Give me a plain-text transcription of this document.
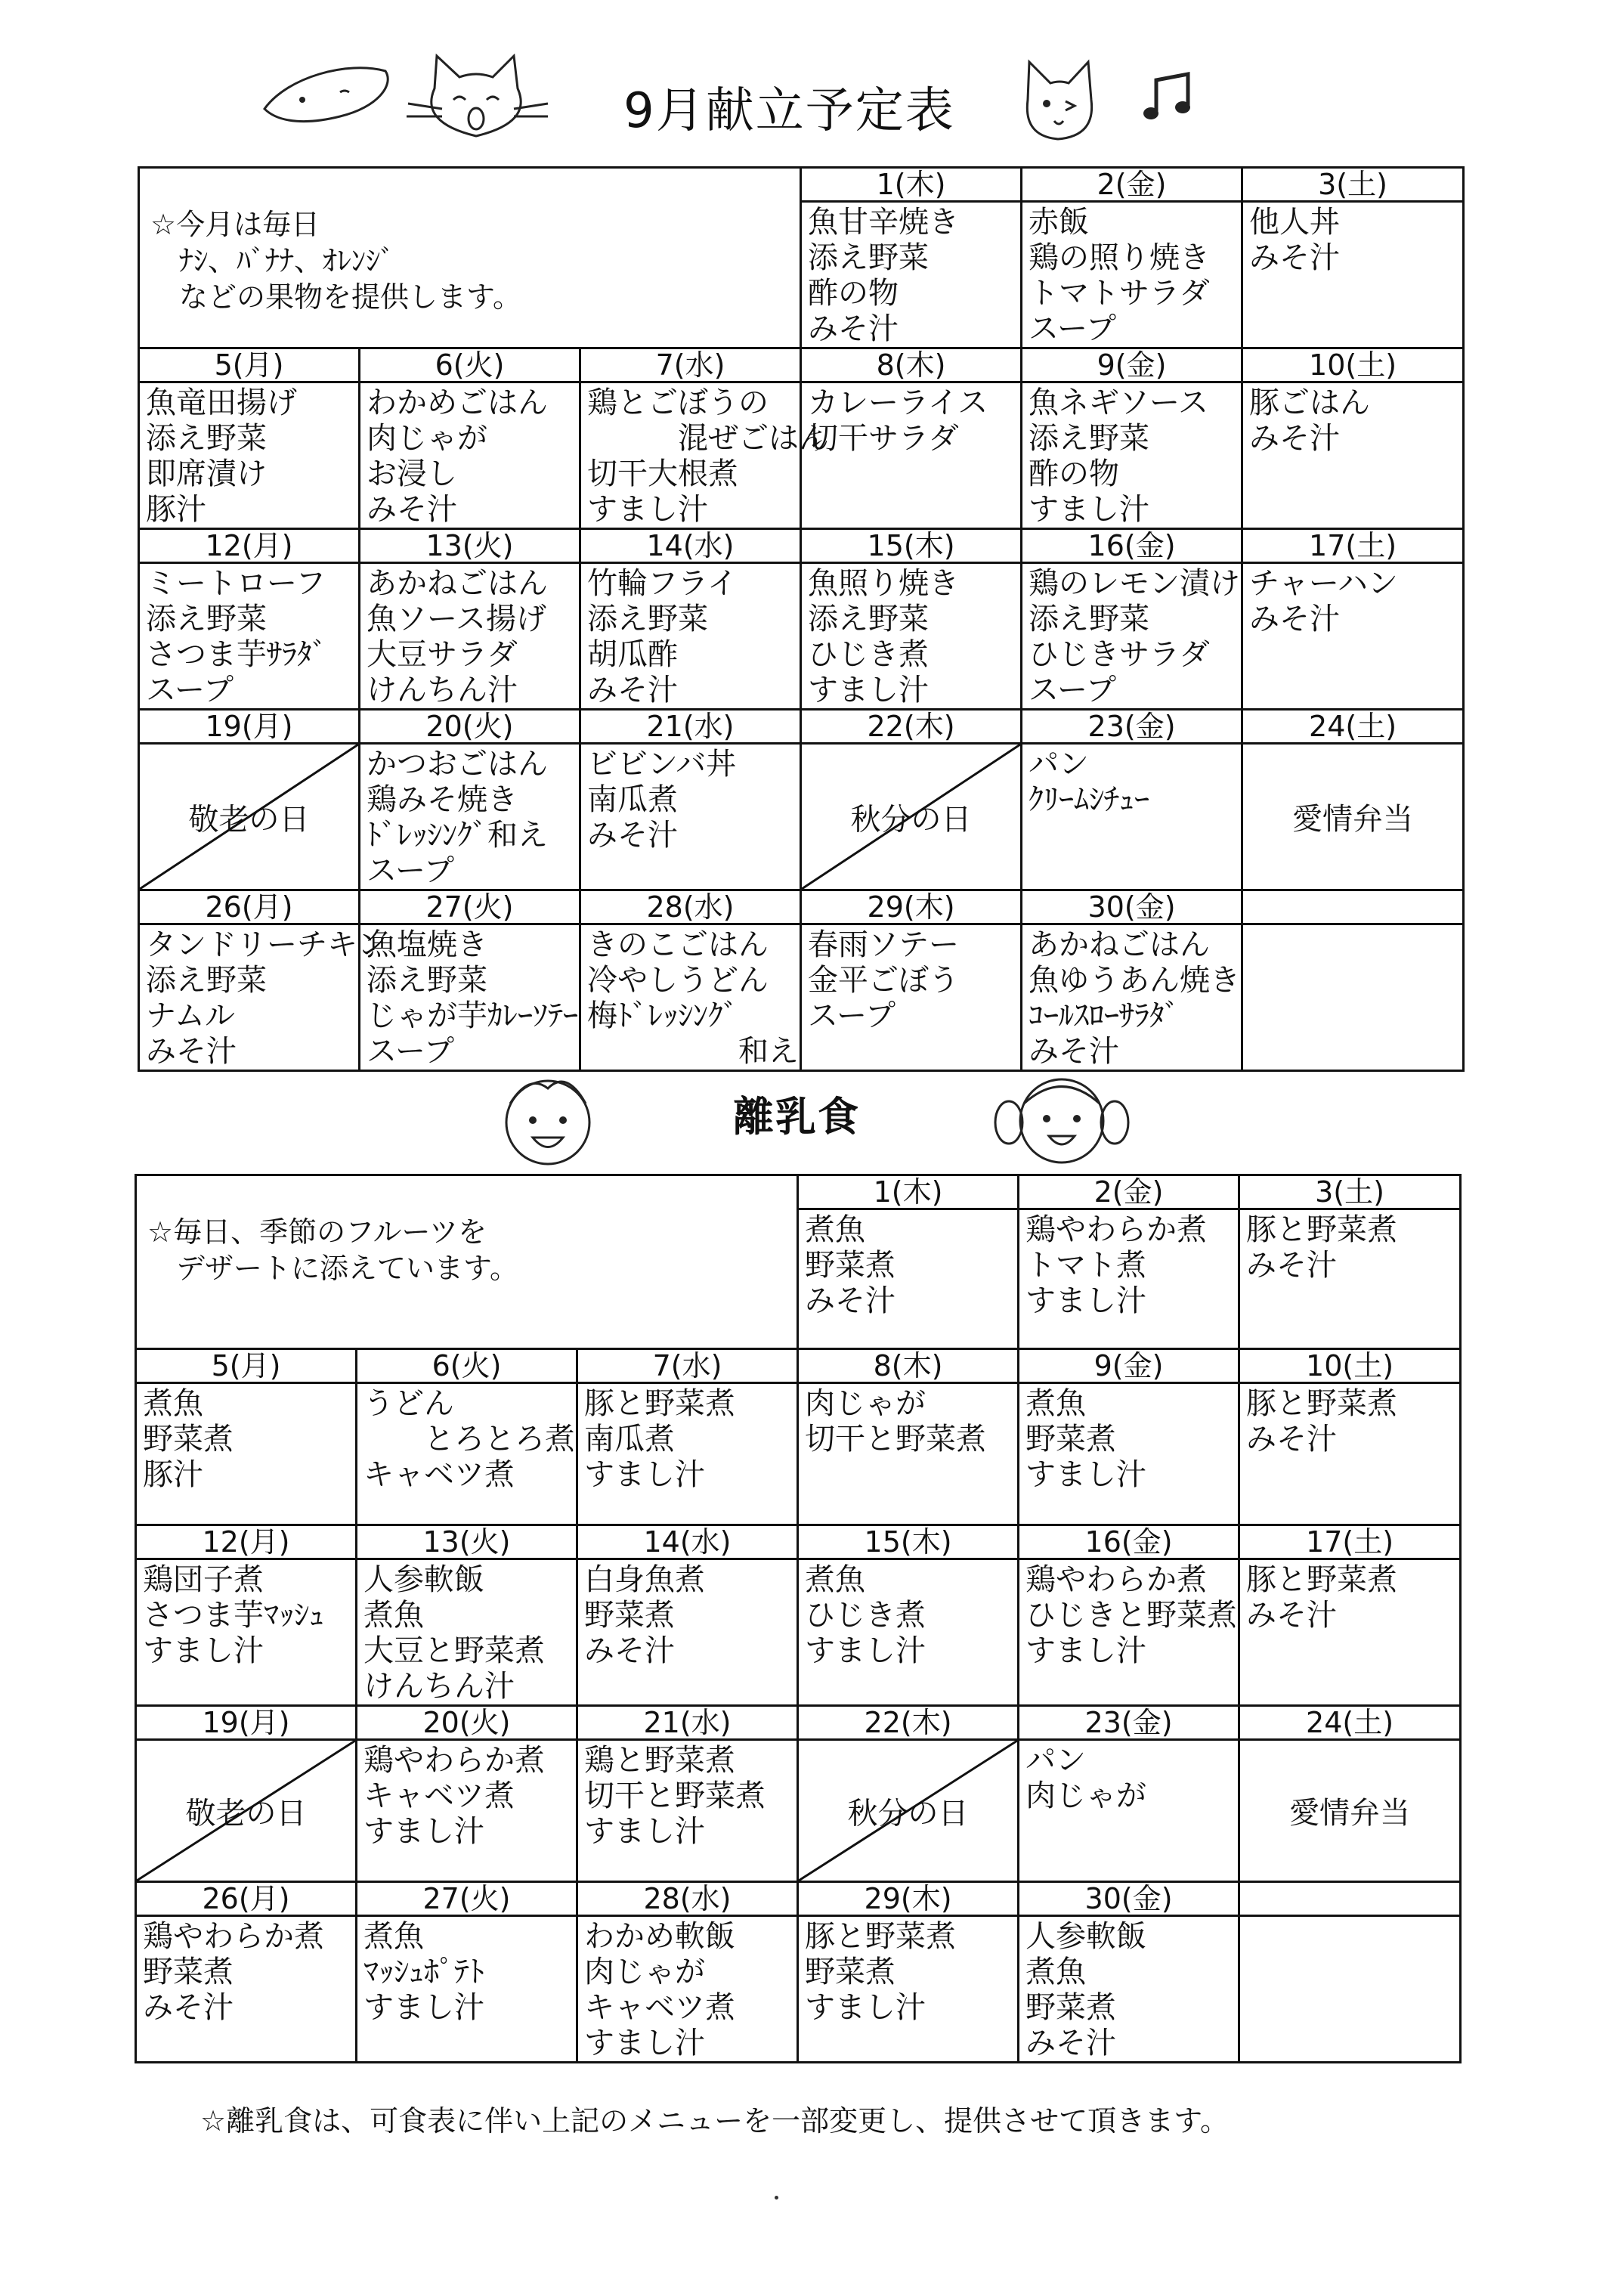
9月献立予定表
☆今月は毎日
　ﾅｼ、ﾊﾞﾅﾅ、ｵﾚﾝｼﾞ
　などの果物を提供します。			1(木)	2(金)	3(土)

			魚甘辛焼き
添え野菜
酢の物
みそ汁	赤飯
鶏の照り焼き
トマトサラダ
スープ	他人丼
みそ汁

5(月)	6(火)	7(水)	8(木)	9(金)	10(土)

魚竜田揚げ
添え野菜
即席漬け
豚汁	わかめごはん
肉じゃが
お浸し
みそ汁	鶏とごぼうの
　　　混ぜごはん
切干大根煮
すまし汁	カレーライス
切干サラダ	魚ネギソース
添え野菜
酢の物
すまし汁	豚ごはん
みそ汁

12(月)	13(火)	14(水)	15(木)	16(金)	17(土)

ミートローフ
添え野菜
さつま芋ｻﾗﾀﾞ
スープ	あかねごはん
魚ソース揚げ
大豆サラダ
けんちん汁	竹輪フライ
添え野菜
胡瓜酢
みそ汁	魚照り焼き
添え野菜
ひじき煮
すまし汁	鶏のレモン漬け
添え野菜
ひじきサラダ
スープ	チャーハン
みそ汁

19(月)	20(火)	21(水)	22(木)	23(金)	24(土)

敬老の日	かつおごはん
鶏みそ焼き
ﾄﾞﾚｯｼﾝｸﾞ和え
スープ	ビビンバ丼
南瓜煮
みそ汁	秋分の日	パン
ｸﾘｰﾑｼﾁｭｰ	愛情弁当

26(月)	27(火)	28(水)	29(木)	30(金)	

タンドリーチキン
添え野菜
ナムル
みそ汁	魚塩焼き
添え野菜
じゃが芋ｶﾚｰｿﾃｰ
スープ	きのこごはん
冷やしうどん
梅ﾄﾞﾚｯｼﾝｸﾞ
　　　　　和え	春雨ソテー
金平ごぼう
スープ	あかねごはん
魚ゆうあん焼き
ｺｰﾙｽﾛｰｻﾗﾀﾞ
みそ汁	

離乳食
☆毎日、季節のフルーツを
　デザートに添えています。			1(木)	2(金)	3(土)

			煮魚
野菜煮
みそ汁	鶏やわらか煮
トマト煮
すまし汁	豚と野菜煮
みそ汁

5(月)	6(火)	7(水)	8(木)	9(金)	10(土)

煮魚
野菜煮
豚汁	うどん
　　とろとろ煮
キャベツ煮	豚と野菜煮
南瓜煮
すまし汁	肉じゃが
切干と野菜煮	煮魚
野菜煮
すまし汁	豚と野菜煮
みそ汁

12(月)	13(火)	14(水)	15(木)	16(金)	17(土)

鶏団子煮
さつま芋ﾏｯｼｭ
すまし汁	人参軟飯
煮魚
大豆と野菜煮
けんちん汁	白身魚煮
野菜煮
みそ汁	煮魚
ひじき煮
すまし汁	鶏やわらか煮
ひじきと野菜煮
すまし汁	豚と野菜煮
みそ汁

19(月)	20(火)	21(水)	22(木)	23(金)	24(土)

敬老の日	鶏やわらか煮
キャベツ煮
すまし汁	鶏と野菜煮
切干と野菜煮
すまし汁	秋分の日	パン
肉じゃが	愛情弁当

26(月)	27(火)	28(水)	29(木)	30(金)	

鶏やわらか煮
野菜煮
みそ汁	煮魚
ﾏｯｼｭﾎﾟﾃﾄ
すまし汁	わかめ軟飯
肉じゃが
キャベツ煮
すまし汁	豚と野菜煮
野菜煮
すまし汁	人参軟飯
煮魚
野菜煮
みそ汁	

☆離乳食は、可食表に伴い上記のメニューを一部変更し、提供させて頂きます。
